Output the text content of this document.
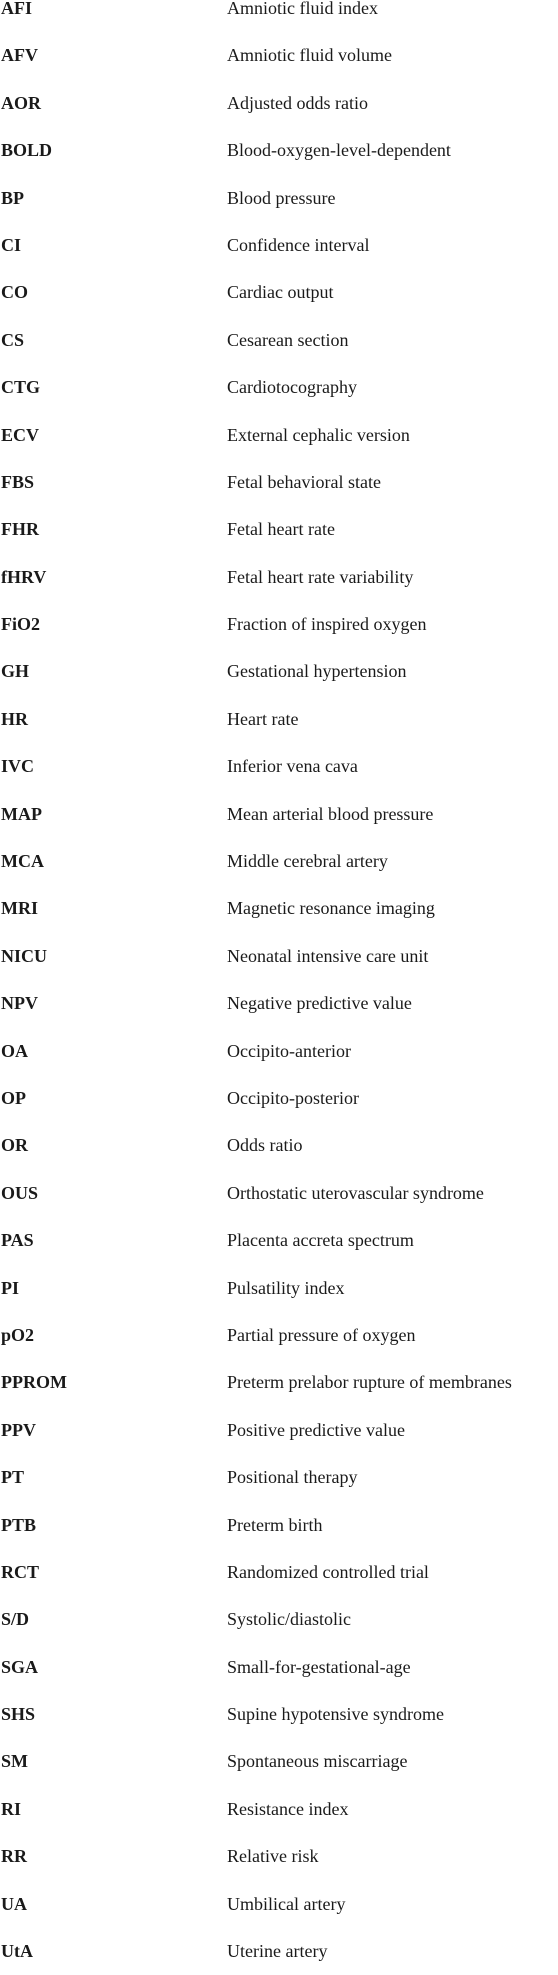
AFI	Amniotic fluid index
AFV	Amniotic fluid volume
AOR	Adjusted odds ratio
BOLD	Blood-oxygen-level-dependent
BP	Blood pressure
CI	Confidence interval
CO	Cardiac output
CS	Cesarean section
CTG	Cardiotocography
ECV	External cephalic version
FBS	Fetal behavioral state
FHR	Fetal heart rate
fHRV	Fetal heart rate variability
FiO2	Fraction of inspired oxygen
GH	Gestational hypertension
HR	Heart rate
IVC	Inferior vena cava
MAP	Mean arterial blood pressure
MCA	Middle cerebral artery
MRI	Magnetic resonance imaging
NICU	Neonatal intensive care unit
NPV	Negative predictive value
OA	Occipito-anterior
OP	Occipito-posterior
OR	Odds ratio
OUS	Orthostatic uterovascular syndrome
PAS	Placenta accreta spectrum
PI	Pulsatility index
pO2	Partial pressure of oxygen
PPROM	Preterm prelabor rupture of membranes
PPV	Positive predictive value
PT	Positional therapy
PTB	Preterm birth
RCT	Randomized controlled trial
S/D	Systolic/diastolic
SGA	Small-for-gestational-age
SHS	Supine hypotensive syndrome
SM	Spontaneous miscarriage
RI	Resistance index
RR	Relative risk
UA	Umbilical artery
UtA	Uterine artery
